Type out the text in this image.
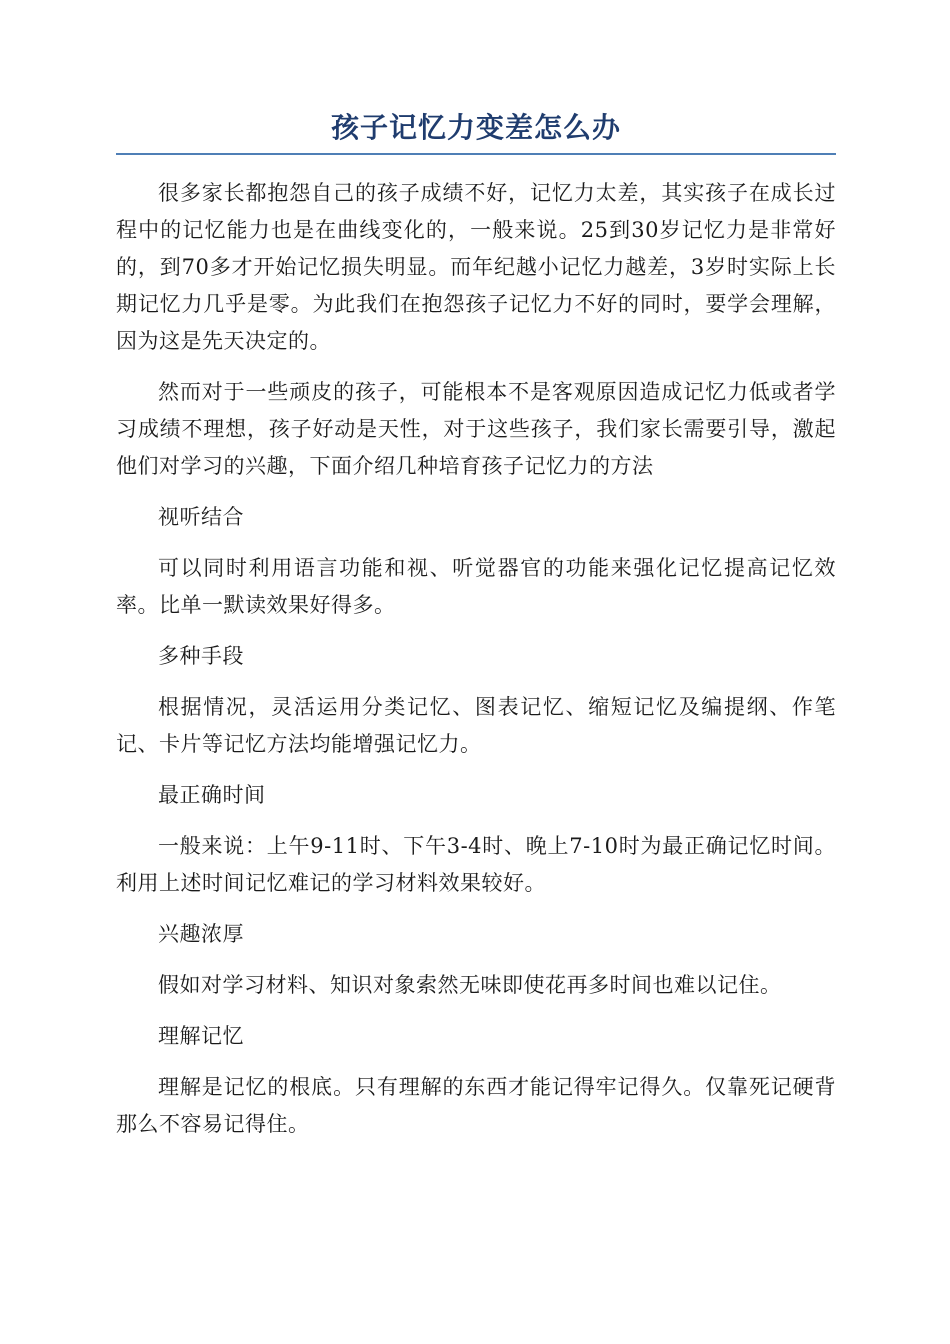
孩子记忆力变差怎么办

很多家长都抱怨自己的孩子成绩不好，记忆力太差，其实孩子在成长过程中的记忆能力也是在曲线变化的，一般来说。25到30岁记忆力是非常好的，到70多才开始记忆损失明显。而年纪越小记忆力越差，3岁时实际上长期记忆力几乎是零。为此我们在抱怨孩子记忆力不好的同时，要学会理解，因为这是先天决定的。

然而对于一些顽皮的孩子，可能根本不是客观原因造成记忆力低或者学习成绩不理想，孩子好动是天性，对于这些孩子，我们家长需要引导，激起他们对学习的兴趣，下面介绍几种培育孩子记忆力的方法

视听结合

可以同时利用语言功能和视、听觉器官的功能来强化记忆提高记忆效率。比单一默读效果好得多。

多种手段

根据情况，灵活运用分类记忆、图表记忆、缩短记忆及编提纲、作笔记、卡片等记忆方法均能增强记忆力。

最正确时间

一般来说：上午9-11时、下午3-4时、晚上7-10时为最正确记忆时间。利用上述时间记忆难记的学习材料效果较好。

兴趣浓厚

假如对学习材料、知识对象索然无味即使花再多时间也难以记住。

理解记忆

理解是记忆的根底。只有理解的东西才能记得牢记得久。仅靠死记硬背那么不容易记得住。
